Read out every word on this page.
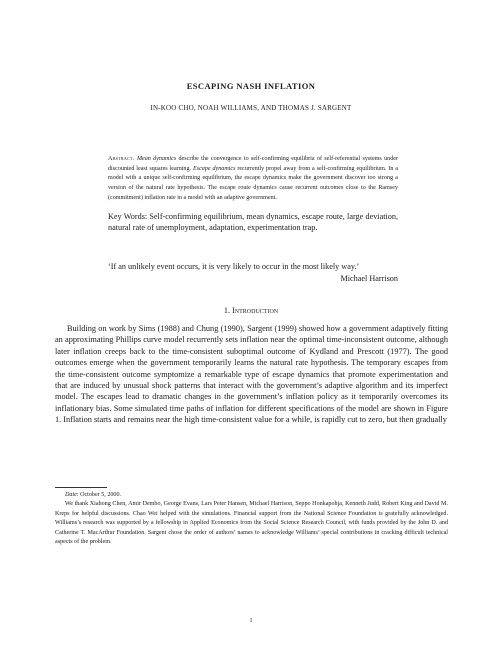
ESCAPING NASH INFLATION
IN-KOO CHO, NOAH WILLIAMS, AND THOMAS J. SARGENT
Abstract. Mean dynamics describe the convergence to self-confirming equilibria of self-referential systems under discounted least squares learning. Escape dynamics recurrently propel away from a self-confirming equilibrium. In a model with a unique self-confirming equilibrium, the escape dynamics make the government discover too strong a version of the natural rate hypothesis. The escape route dynamics cause recurrent outcomes close to the Ramsey (commitment) inflation rate in a model with an adaptive government.
Key Words: Self-confirming equilibrium, mean dynamics, escape route, large deviation, natural rate of unemployment, adaptation, experimentation trap.
‘If an unlikely event occurs, it is very likely to occur in the most likely way.’
Michael Harrison
1. Introduction
Building on work by Sims (1988) and Chung (1990), Sargent (1999) showed how a government adaptively fitting an approximating Phillips curve model recurrently sets inflation near the optimal time-inconsistent outcome, although later inflation creeps back to the time-consistent suboptimal outcome of Kydland and Prescott (1977). The good outcomes emerge when the government temporarily learns the natural rate hypothesis. The temporary escapes from the time-consistent outcome symptomize a remarkable type of escape dynamics that promote experimentation and that are induced by unusual shock patterns that interact with the government’s adaptive algorithm and its imperfect model. The escapes lead to dramatic changes in the government’s inflation policy as it temporarily overcomes its inflationary bias. Some simulated time paths of inflation for different specifications of the model are shown in Figure 1. Inflation starts and remains near the high time-consistent value for a while, is rapidly cut to zero, but then gradually
Date: October 5, 2000.
We thank Xiahong Chen, Amir Dembo, George Evans, Lars Peter Hansen, Michael Harrison, Seppo Honkapohja, Kenneth Judd, Robert King and David M. Kreps for helpful discussions. Chao Wei helped with the simulations. Financial support from the National Science Foundation is gratefully acknowledged. Williams’s research was supported by a fellowship in Applied Economics from the Social Science Research Council, with funds provided by the John D. and Catherine T. MacArthur Foundation. Sargent chose the order of authors’ names to acknowledge Williams’ special contributions in cracking difficult technical aspects of the problem.
1
